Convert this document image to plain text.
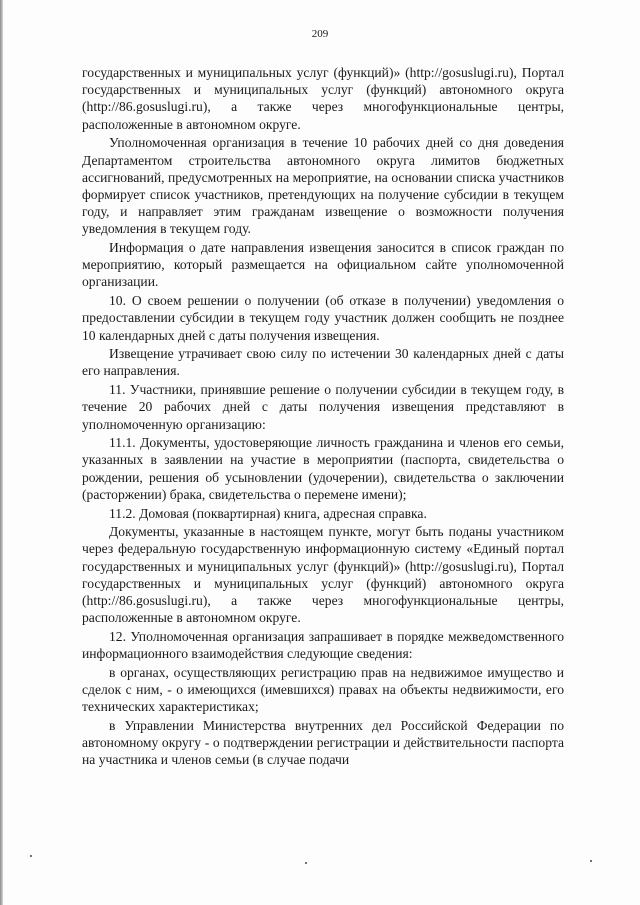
209

государственных и муниципальных услуг (функций)» (http://gosuslugi.ru), Портал государственных и муниципальных услуг (функций) автономного округа (http://86.gosuslugi.ru), а также через многофункциональные центры, расположенные в автономном округе.

Уполномоченная организация в течение 10 рабочих дней со дня доведения Департаментом строительства автономного округа лимитов бюджетных ассигнований, предусмотренных на мероприятие, на основании списка участников формирует список участников, претендующих на получение субсидии в текущем году, и направляет этим гражданам извещение о возможности получения уведомления в текущем году.

Информация о дате направления извещения заносится в список граждан по мероприятию, который размещается на официальном сайте уполномоченной организации.

10. О своем решении о получении (об отказе в получении) уведомления о предоставлении субсидии в текущем году участник должен сообщить не позднее 10 календарных дней с даты получения извещения.

Извещение утрачивает свою силу по истечении 30 календарных дней с даты его направления.

11. Участники, принявшие решение о получении субсидии в текущем году, в течение 20 рабочих дней с даты получения извещения представляют в уполномоченную организацию:

11.1. Документы, удостоверяющие личность гражданина и членов его семьи, указанных в заявлении на участие в мероприятии (паспорта, свидетельства о рождении, решения об усыновлении (удочерении), свидетельства о заключении (расторжении) брака, свидетельства о перемене имени);

11.2. Домовая (поквартирная) книга, адресная справка.

Документы, указанные в настоящем пункте, могут быть поданы участником через федеральную государственную информационную систему «Единый портал государственных и муниципальных услуг (функций)» (http://gosuslugi.ru), Портал государственных и муниципальных услуг (функций) автономного округа (http://86.gosuslugi.ru), а также через многофункциональные центры, расположенные в автономном округе.

12. Уполномоченная организация запрашивает в порядке межведомственного информационного взаимодействия следующие сведения:

в органах, осуществляющих регистрацию прав на недвижимое имущество и сделок с ним, - о имеющихся (имевшихся) правах на объекты недвижимости, его технических характеристиках;

в Управлении Министерства внутренних дел Российской Федерации по автономному округу - о подтверждении регистрации и действительности паспорта на участника и членов семьи (в случае подачи
